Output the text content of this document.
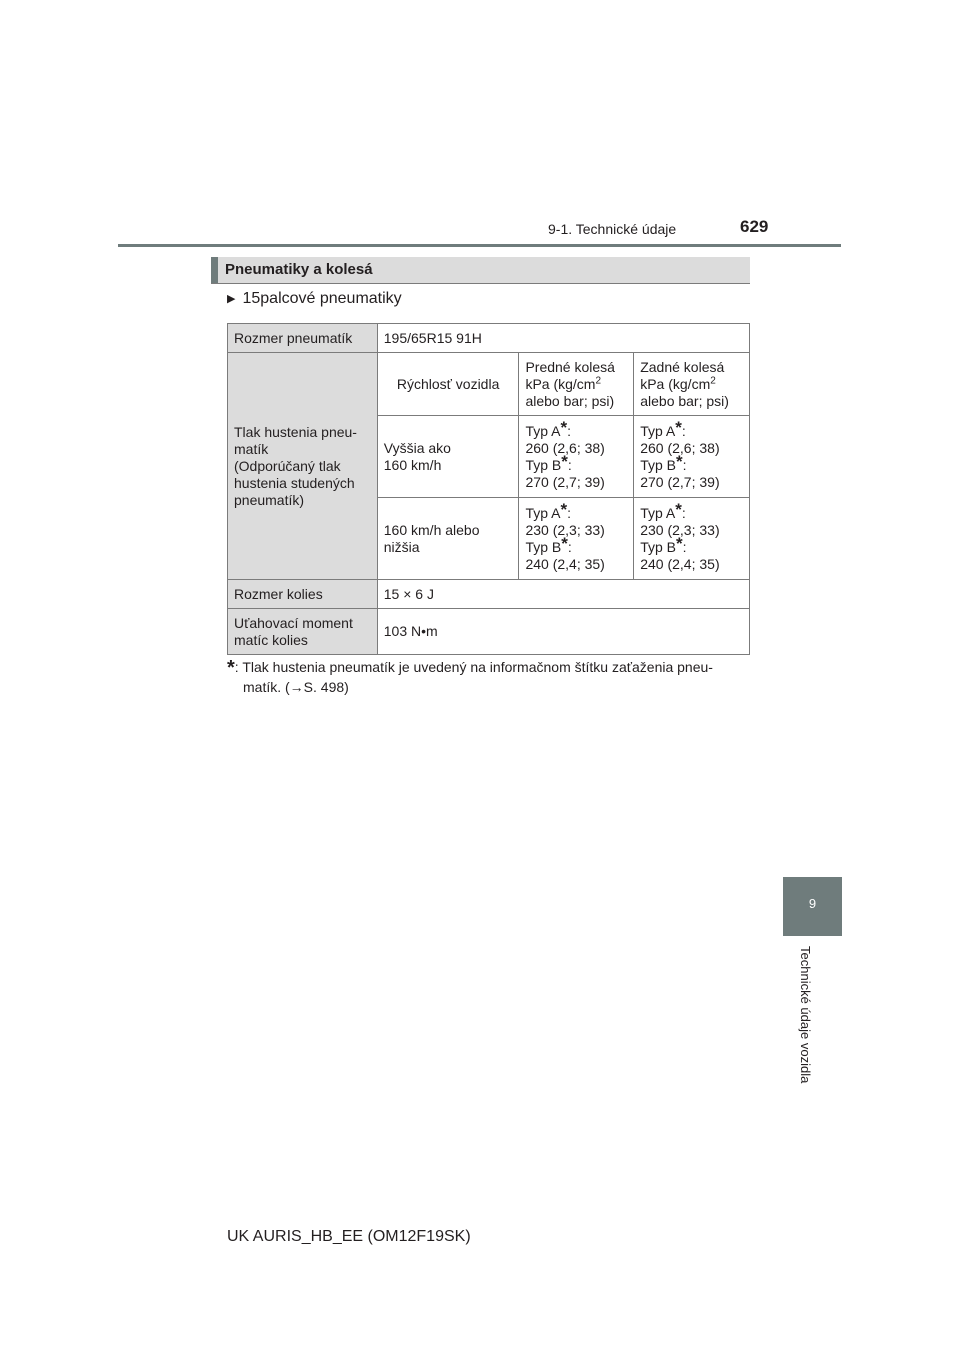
9-1. Technické údaje	629
9
Technické údaje vozidla
Pneumatiky a kolesá
▶ 15palcové pneumatiky
Rozmer pneumatík	195/65R15 91H		
Tlak hustenia pneu-
matík
(Odporúčaný tlak
hustenia studených
pneumatík)	Rýchlosť vozidla	Predné kolesá
kPa ($kg/cm^2$
alebo bar; psi)	Zadné kolesá
kPa ($kg/cm^2$
alebo bar; psi)
	Vyššia ako
160 km/h	Typ A*:
260 (2,6; 38)
Typ B*:
270 (2,7; 39)	Typ A*:
260 (2,6; 38)
Typ B*:
270 (2,7; 39)
	160 km/h alebo
nižšia	Typ A*:
230 (2,3; 33)
Typ B*:
240 (2,4; 35)	Typ A*:
230 (2,3; 33)
Typ B*:
240 (2,4; 35)
Rozmer kolies	15 × 6 J		
Uťahovací moment
matíc kolies	103 N•m		
*: Tlak hustenia pneumatík je uvedený na informačnom štítku zaťaženia pneu-
matík. (→S. 498)
UK AURIS_HB_EE (OM12F19SK)
